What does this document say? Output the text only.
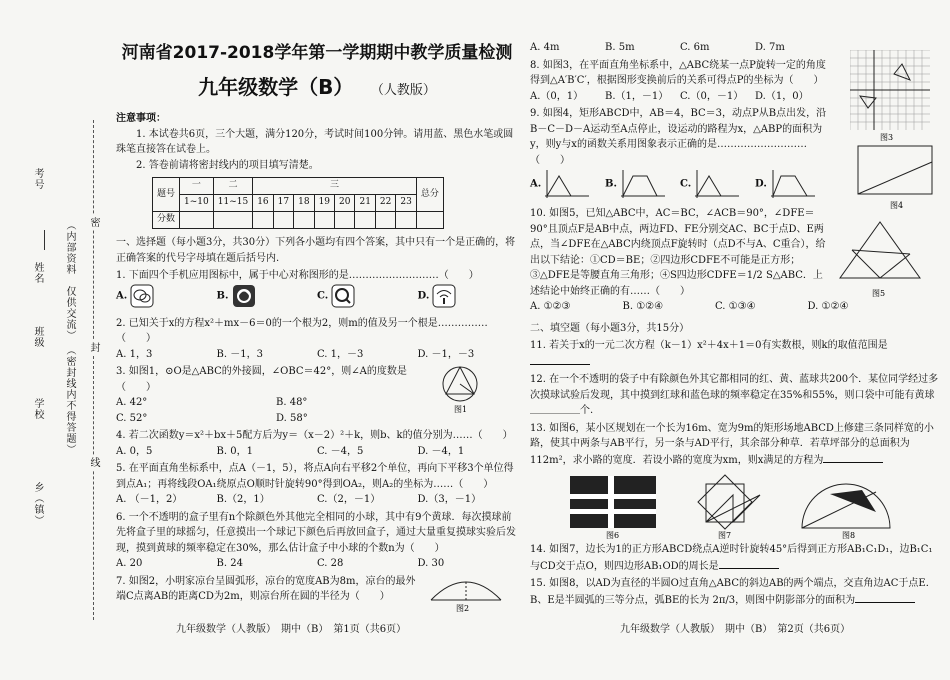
考号
姓名
班级
学校
乡（镇）
（内部资料　仅供交流）
（密封线内不得答题）
密
封
线
河南省2017-2018学年第一学期期中教学质量检测
九年级数学（B） （人教版）
注意事项：
1. 本试卷共6页，三个大题，满分120分，考试时间100分钟。请用蓝、黑色水笔或圆珠笔直接答在试卷上。
2. 答卷前请将密封线内的项目填写清楚。
题号	一	二	三								总分
	1~10	11~15	16	17	18	19	20	21	22	23	
分数											
一、选择题（每小题3分，共30分）下列各小题均有四个答案，其中只有一个是正确的，将正确答案的代号字母填在题后括号内.
1. 下面四个手机应用图标中，属于中心对称图形的是………………………（　　）
A.	B.	C.	D.
2. 已知关于x的方程x²＋mx－6＝0的一个根为2，则m的值及另一个根是……………（　　）
A. 1，3	B. －1，3	C. 1，－3	D. －1，－3
3. 如图1，⊙O是△ABC的外接圆，∠OBC＝42°，则∠A的度数是（　　）
A. 42°	B. 48°
C. 52°	D. 58°
4. 若二次函数y＝x²＋bx＋5配方后为y＝（x－2）²＋k，则b、k的值分别为……（　　）
A. 0，5	B. 0，1	C. －4，5	D. －4，1
5. 在平面直角坐标系中，点A（－1，5），将点A向右平移2个单位，再向下平移3个单位得到点A₁；再将线段OA₁绕原点O顺时针旋转90°得到OA₂，则A₂的坐标为……（　　）
A. （－1，2）	B.（2，1）	C.（2，－1）	D.（3，－1）
6. 一个不透明的盒子里有n个除颜色外其他完全相同的小球，其中有9个黄球．每次摸球前先将盒子里的球摇匀，任意摸出一个球记下颜色后再放回盒子，通过大量重复摸球实验后发现，摸到黄球的频率稳定在30%，那么估计盒子中小球的个数n为（　　）
A. 20	B. 24	C. 28	D. 30
7. 如图2，小明家凉台呈圆弧形，凉台的宽度AB为8m，凉台的最外端C点离AB的距离CD为2m，则凉台所在圆的半径为（　　）
图1
图2
九年级数学（人教版）　期中（B）　第1页（共6页）
A. 4m	B. 5m	C. 6m	D. 7m
8. 如图3，在平面直角坐标系中，△ABC绕某一点P旋转一定的角度得到△A′B′C′，根据图形变换前后的关系可得点P的坐标为（　　）
A.（0，1）	B.（1，－1）	C.（0，－1）	D.（1，0）
9. 如图4，矩形ABCD中，AB＝4，BC＝3，动点P从B点出发，沿B－C－D－A运动至A点停止，设运动的路程为x，△ABP的面积为y，则y与x的函数关系用图象表示正确的是………………………（　　）
A.	B.	C.	D.
10. 如图5，已知△ABC中，AC＝BC，∠ACB＝90°，∠DFE＝90°且顶点F是AB中点，两边FD、FE分别交AC、BC于点D、E两点，当∠DFE在△ABC内绕顶点F旋转时（点D不与A、C重合），给出以下结论：①CD＝BE；②四边形CDFE不可能是正方形；③△DFE是等腰直角三角形；④S四边形CDFE＝1/2 S△ABC．上述结论中始终正确的有……（　　）
A. ①②③	B. ①②④	C. ①③④	D. ①②④
二、填空题（每小题3分，共15分）
11. 若关于x的一元二次方程（k－1）x²＋4x＋1＝0有实数根，则k的取值范围是
12. 在一个不透明的袋子中有除颜色外其它都相同的红、黄、蓝球共200个．某位同学经过多次摸球试验后发现，其中摸到红球和蓝色球的频率稳定在35%和55%，则口袋中可能有黄球＿＿＿＿＿个.
13. 如图6，某小区规划在一个长为16m、宽为9m的矩形场地ABCD上修建三条同样宽的小路，使其中两条与AB平行，另一条与AD平行，其余部分种草．若草坪部分的总面积为112m²，求小路的宽度．若设小路的宽度为xm，则x满足的方程为
图6	图7	图8
14. 如图7，边长为1的正方形ABCD绕点A逆时针旋转45°后得到正方形AB₁C₁D₁，边B₁C₁与CD交于点O，则四边形AB₁OD的周长是
15. 如图8，以AD为直径的半圆O过直角△ABC的斜边AB的两个端点，交直角边AC于点E．B、E是半圆弧的三等分点，弧BE的长为 2π/3，则图中阴影部分的面积为
图3
图4
图5
九年级数学（人教版）　期中（B）　第2页（共6页）
